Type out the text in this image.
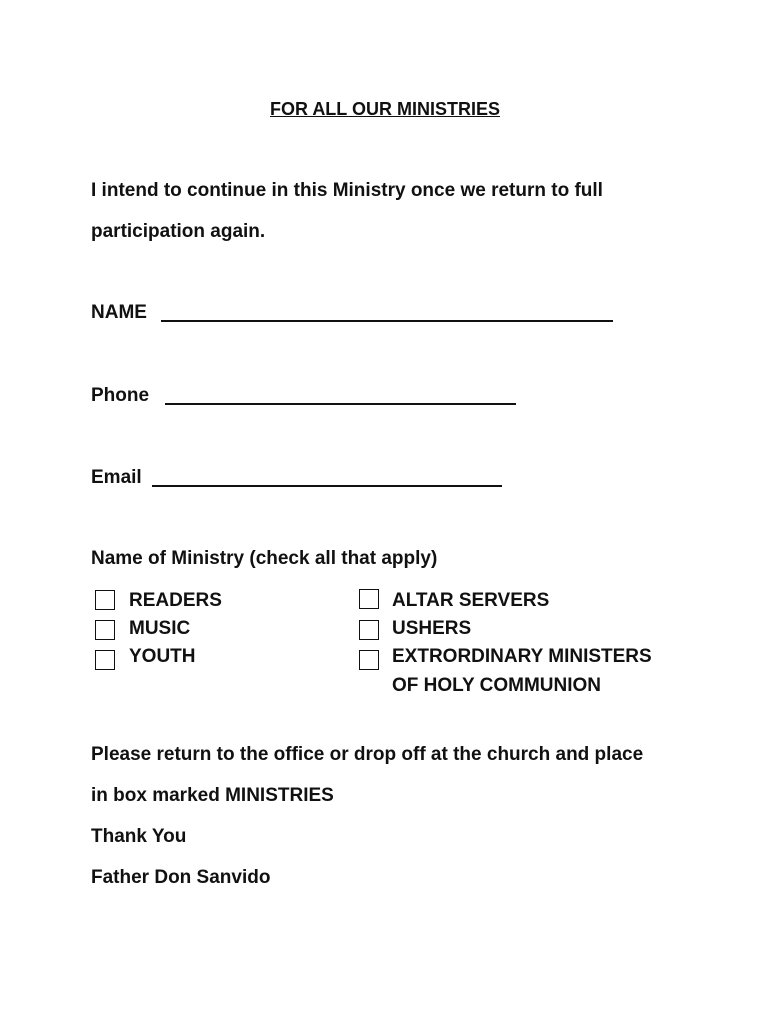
FOR ALL OUR MINISTRIES
I intend to continue in this Ministry once we return to full
participation again.
NAME
Phone
Email
Name of Ministry (check all that apply)
READERS
MUSIC
YOUTH
ALTAR SERVERS
USHERS
EXTRORDINARY MINISTERS
OF HOLY COMMUNION
Please return to the office or drop off at the church and place
in box marked MINISTRIES
Thank You
Father Don Sanvido
